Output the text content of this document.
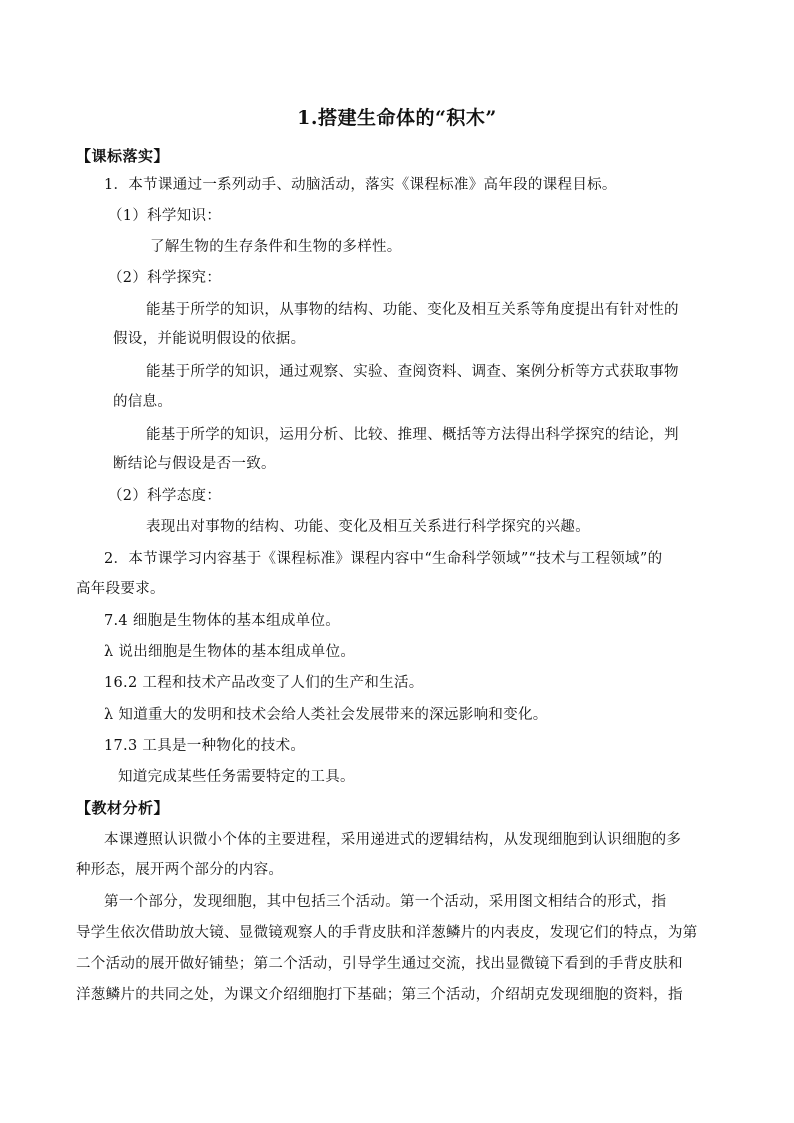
1.搭建生命体的“积木”
【课标落实】
1．本节课通过一系列动手、动脑活动，落实《课程标准》高年段的课程目标。
（1）科学知识：
了解生物的生存条件和生物的多样性。
（2）科学探究：
能基于所学的知识，从事物的结构、功能、变化及相互关系等角度提出有针对性的
假设，并能说明假设的依据。
能基于所学的知识，通过观察、实验、查阅资料、调查、案例分析等方式获取事物
的信息。
能基于所学的知识，运用分析、比较、推理、概括等方法得出科学探究的结论，判
断结论与假设是否一致。
（2）科学态度：
表现出对事物的结构、功能、变化及相互关系进行科学探究的兴趣。
2．本节课学习内容基于《课程标准》课程内容中“生命科学领域”“技术与工程领域”的
高年段要求。
7.4 细胞是生物体的基本组成单位。
λ 说出细胞是生物体的基本组成单位。
16.2 工程和技术产品改变了人们的生产和生活。
λ 知道重大的发明和技术会给人类社会发展带来的深远影响和变化。
17.3 工具是一种物化的技术。
知道完成某些任务需要特定的工具。
【教材分析】
本课遵照认识微小个体的主要进程，采用递进式的逻辑结构，从发现细胞到认识细胞的多
种形态，展开两个部分的内容。
第一个部分，发现细胞，其中包括三个活动。第一个活动，采用图文相结合的形式，指
导学生依次借助放大镜、显微镜观察人的手背皮肤和洋葱鳞片的内表皮，发现它们的特点，为第
二个活动的展开做好铺垫；第二个活动，引导学生通过交流，找出显微镜下看到的手背皮肤和
洋葱鳞片的共同之处，为课文介绍细胞打下基础；第三个活动，介绍胡克发现细胞的资料，指
